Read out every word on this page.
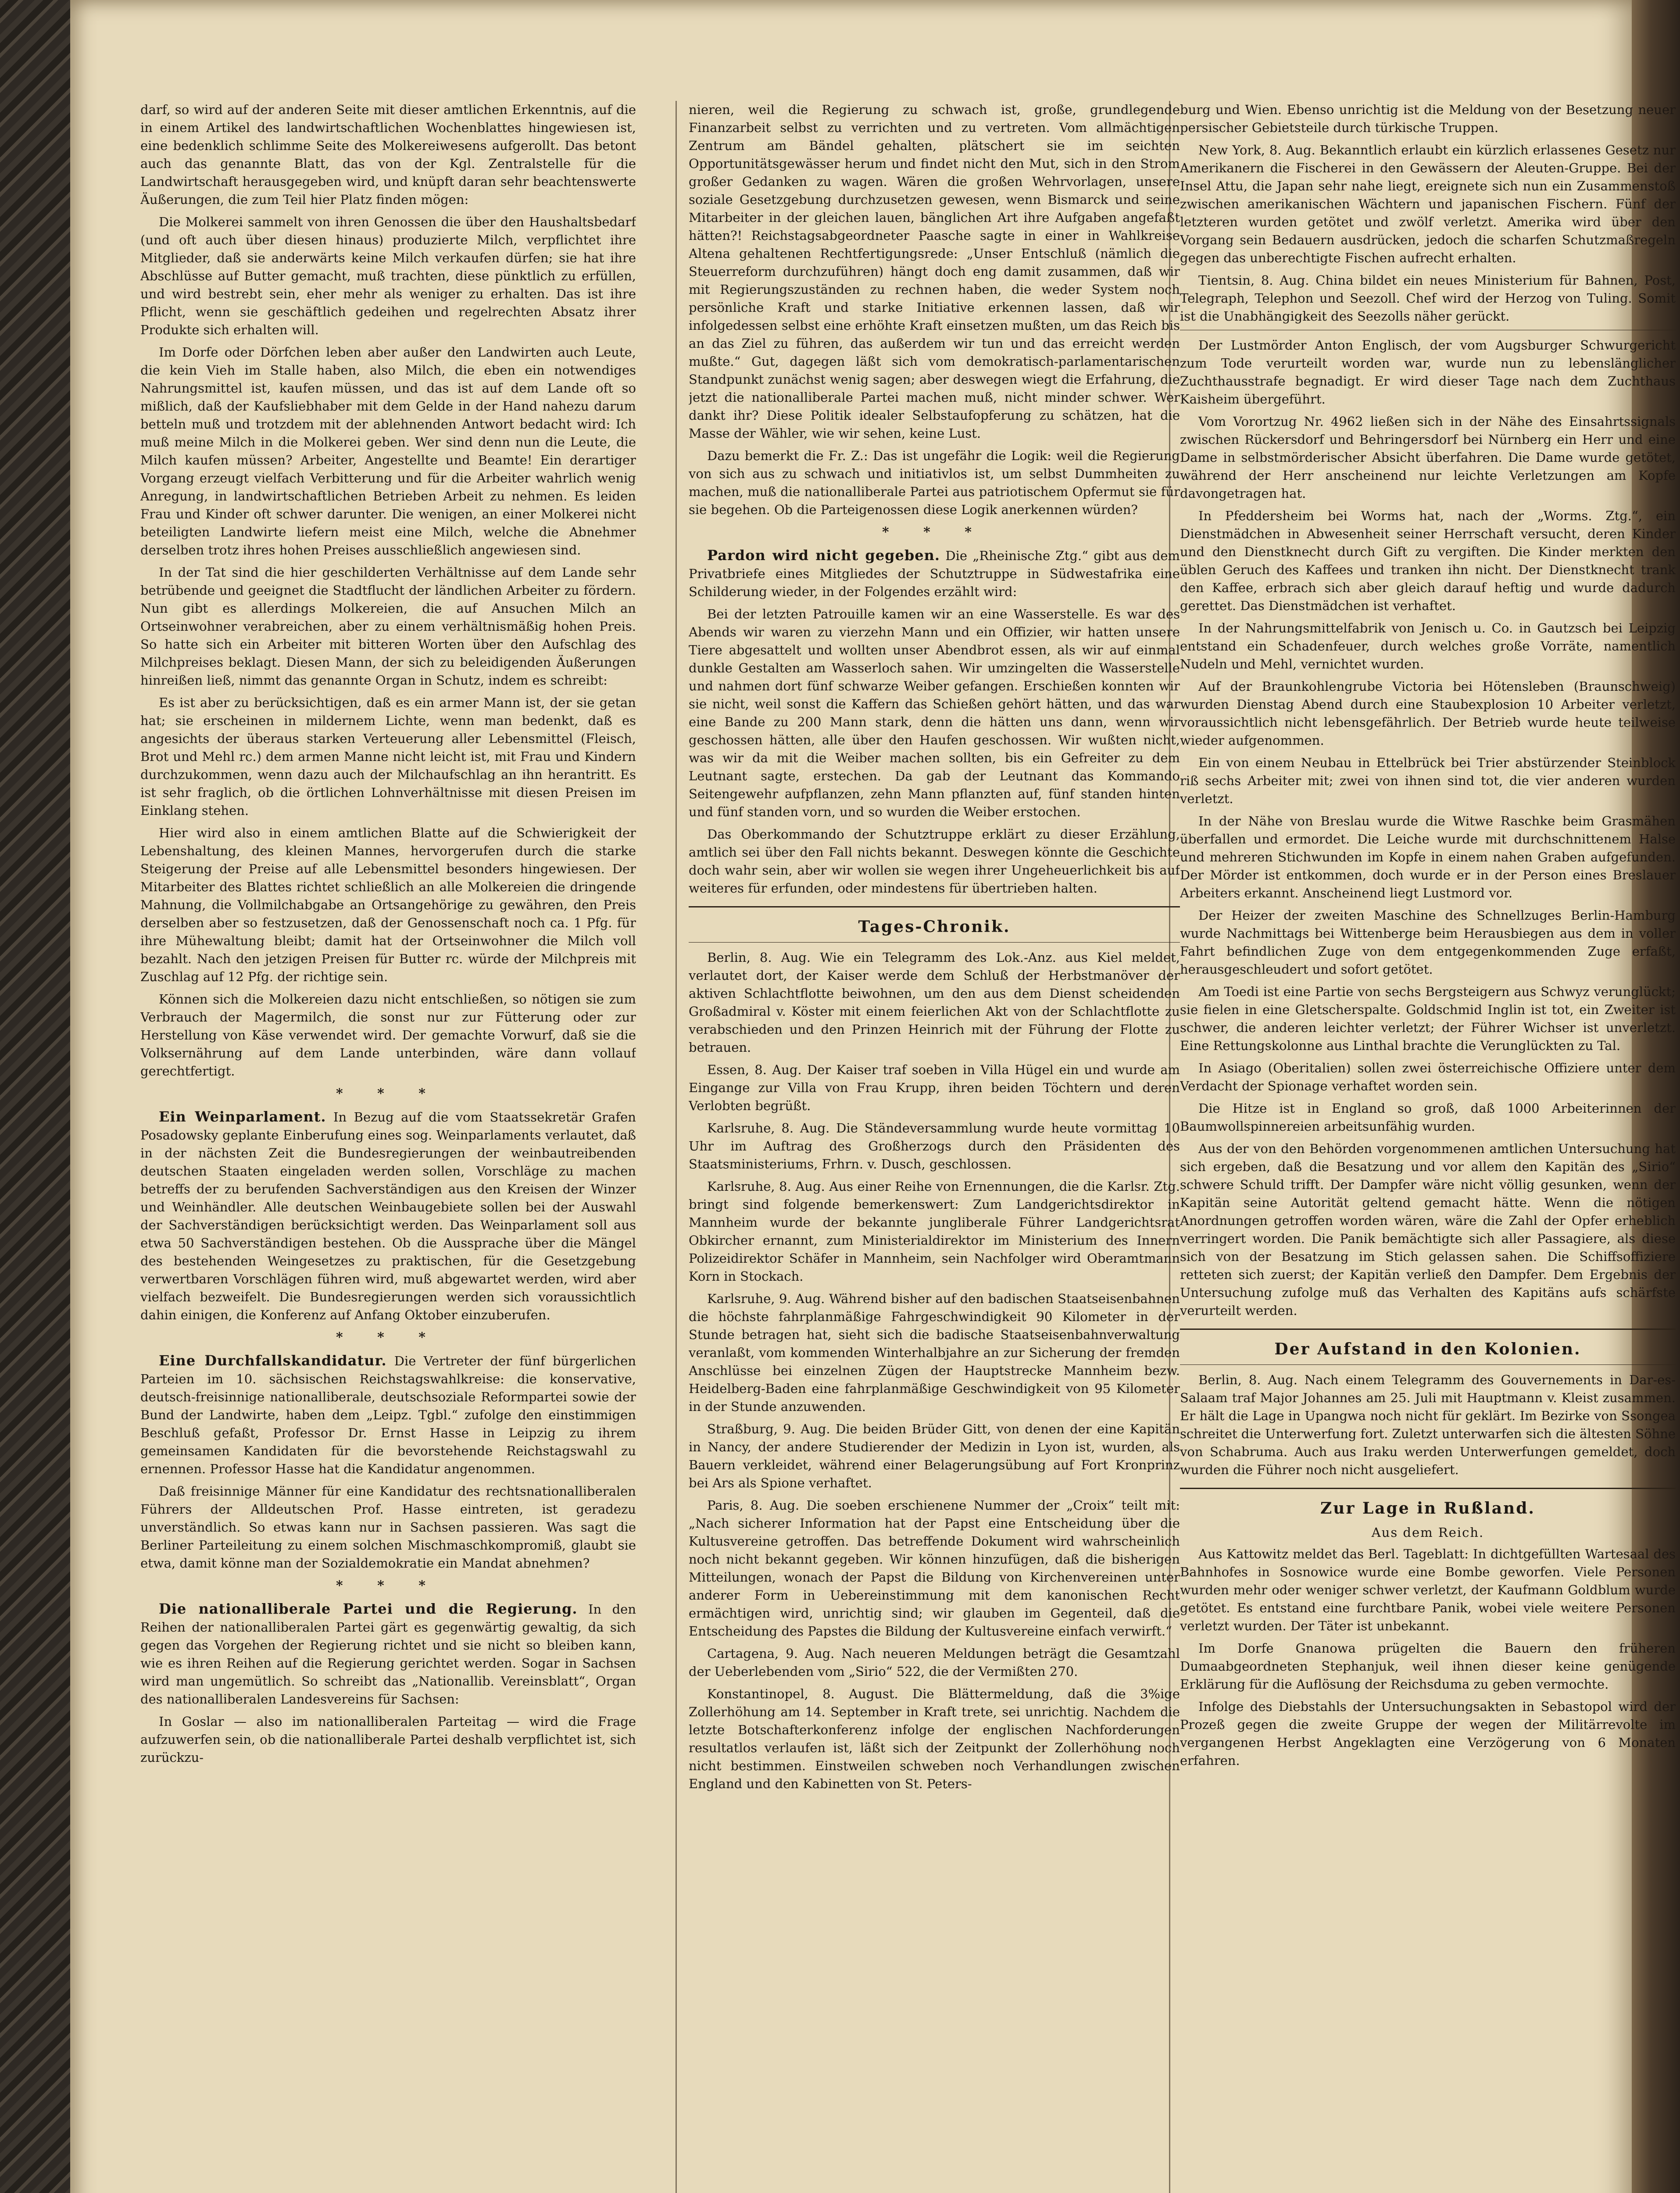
darf, so wird auf der anderen Seite mit dieser amtlichen Erkenntnis, auf die in einem Artikel des landwirtschaftlichen Wochenblattes hingewiesen ist, eine bedenklich schlimme Seite des Molkereiwesens aufgerollt. Das betont auch das genannte Blatt, das von der Kgl. Zentralstelle für die Landwirtschaft herausgegeben wird, und knüpft daran sehr beachtenswerte Äußerungen, die zum Teil hier Platz finden mögen:

Die Molkerei sammelt von ihren Genossen die über den Haushaltsbedarf (und oft auch über diesen hinaus) produzierte Milch, verpflichtet ihre Mitglieder, daß sie anderwärts keine Milch verkaufen dürfen; sie hat ihre Abschlüsse auf Butter gemacht, muß trachten, diese pünktlich zu erfüllen, und wird bestrebt sein, eher mehr als weniger zu erhalten. Das ist ihre Pflicht, wenn sie geschäftlich gedeihen und regelrechten Absatz ihrer Produkte sich erhalten will.

Im Dorfe oder Dörfchen leben aber außer den Landwirten auch Leute, die kein Vieh im Stalle haben, also Milch, die eben ein notwendiges Nahrungsmittel ist, kaufen müssen, und das ist auf dem Lande oft so mißlich, daß der Kaufsliebhaber mit dem Gelde in der Hand nahezu darum betteln muß und trotzdem mit der ablehnenden Antwort bedacht wird: Ich muß meine Milch in die Molkerei geben. Wer sind denn nun die Leute, die Milch kaufen müssen? Arbeiter, Angestellte und Beamte! Ein derartiger Vorgang erzeugt vielfach Verbitterung und für die Arbeiter wahrlich wenig Anregung, in landwirtschaftlichen Betrieben Arbeit zu nehmen. Es leiden Frau und Kinder oft schwer darunter. Die wenigen, an einer Molkerei nicht beteiligten Landwirte liefern meist eine Milch, welche die Abnehmer derselben trotz ihres hohen Preises ausschließlich angewiesen sind.

In der Tat sind die hier geschilderten Verhältnisse auf dem Lande sehr betrübende und geeignet die Stadtflucht der ländlichen Arbeiter zu fördern. Nun gibt es allerdings Molkereien, die auf Ansuchen Milch an Ortseinwohner verabreichen, aber zu einem verhältnismäßig hohen Preis. So hatte sich ein Arbeiter mit bitteren Worten über den Aufschlag des Milchpreises beklagt. Diesen Mann, der sich zu beleidigenden Äußerungen hinreißen ließ, nimmt das genannte Organ in Schutz, indem es schreibt:

Es ist aber zu berücksichtigen, daß es ein armer Mann ist, der sie getan hat; sie erscheinen in mildernem Lichte, wenn man bedenkt, daß es angesichts der überaus starken Verteuerung aller Lebensmittel (Fleisch, Brot und Mehl rc.) dem armen Manne nicht leicht ist, mit Frau und Kindern durchzukommen, wenn dazu auch der Milchaufschlag an ihn herantritt. Es ist sehr fraglich, ob die örtlichen Lohnverhältnisse mit diesen Preisen im Einklang stehen.

Hier wird also in einem amtlichen Blatte auf die Schwierigkeit der Lebenshaltung, des kleinen Mannes, hervorgerufen durch die starke Steigerung der Preise auf alle Lebensmittel besonders hingewiesen. Der Mitarbeiter des Blattes richtet schließlich an alle Molkereien die dringende Mahnung, die Vollmilchabgabe an Ortsangehörige zu gewähren, den Preis derselben aber so festzusetzen, daß der Genossenschaft noch ca. 1 Pfg. für ihre Mühewaltung bleibt; damit hat der Ortseinwohner die Milch voll bezahlt. Nach den jetzigen Preisen für Butter rc. würde der Milchpreis mit Zuschlag auf 12 Pfg. der richtige sein.

Können sich die Molkereien dazu nicht entschließen, so nötigen sie zum Verbrauch der Magermilch, die sonst nur zur Fütterung oder zur Herstellung von Käse verwendet wird. Der gemachte Vorwurf, daß sie die Volksernährung auf dem Lande unterbinden, wäre dann vollauf gerechtfertigt.

* * *

Ein Weinparlament. In Bezug auf die vom Staatssekretär Grafen Posadowsky geplante Einberufung eines sog. Weinparlaments verlautet, daß in der nächsten Zeit die Bundesregierungen der weinbautreibenden deutschen Staaten eingeladen werden sollen, Vorschläge zu machen betreffs der zu berufenden Sachverständigen aus den Kreisen der Winzer und Weinhändler. Alle deutschen Weinbaugebiete sollen bei der Auswahl der Sachverständigen berücksichtigt werden. Das Weinparlament soll aus etwa 50 Sachverständigen bestehen. Ob die Aussprache über die Mängel des bestehenden Weingesetzes zu praktischen, für die Gesetzgebung verwertbaren Vorschlägen führen wird, muß abgewartet werden, wird aber vielfach bezweifelt. Die Bundesregierungen werden sich voraussichtlich dahin einigen, die Konferenz auf Anfang Oktober einzuberufen.

* * *

Eine Durchfallskandidatur. Die Vertreter der fünf bürgerlichen Parteien im 10. sächsischen Reichstagswahlkreise: die konservative, deutsch-freisinnige nationalliberale, deutschsoziale Reformpartei sowie der Bund der Landwirte, haben dem „Leipz. Tgbl.“ zufolge den einstimmigen Beschluß gefaßt, Professor Dr. Ernst Hasse in Leipzig zu ihrem gemeinsamen Kandidaten für die bevorstehende Reichstagswahl zu ernennen. Professor Hasse hat die Kandidatur angenommen.

Daß freisinnige Männer für eine Kandidatur des rechtsnationalliberalen Führers der Alldeutschen Prof. Hasse eintreten, ist geradezu unverständlich. So etwas kann nur in Sachsen passieren. Was sagt die Berliner Parteileitung zu einem solchen Mischmaschkompromiß, glaubt sie etwa, damit könne man der Sozialdemokratie ein Mandat abnehmen?

* * *

Die nationalliberale Partei und die Regierung. In den Reihen der nationalliberalen Partei gärt es gegenwärtig gewaltig, da sich gegen das Vorgehen der Regierung richtet und sie nicht so bleiben kann, wie es ihren Reihen auf die Regierung gerichtet werden. Sogar in Sachsen wird man ungemütlich. So schreibt das „Nationallib. Vereinsblatt“, Organ des nationalliberalen Landesvereins für Sachsen:

In Goslar — also im nationalliberalen Parteitag — wird die Frage aufzuwerfen sein, ob die nationalliberale Partei deshalb verpflichtet ist, sich zurückzu-

nieren, weil die Regierung zu schwach ist, große, grundlegende Finanzarbeit selbst zu verrichten und zu vertreten. Vom allmächtigen Zentrum am Bändel gehalten, plätschert sie im seichten Opportunitätsgewässer herum und findet nicht den Mut, sich in den Strom großer Gedanken zu wagen. Wären die großen Wehrvorlagen, unsere soziale Gesetzgebung durchzusetzen gewesen, wenn Bismarck und seine Mitarbeiter in der gleichen lauen, bänglichen Art ihre Aufgaben angefaßt hätten?! Reichstagsabgeordneter Paasche sagte in einer in Wahlkreise Altena gehaltenen Rechtfertigungsrede: „Unser Entschluß (nämlich die Steuerreform durchzuführen) hängt doch eng damit zusammen, daß wir mit Regierungszuständen zu rechnen haben, die weder System noch persönliche Kraft und starke Initiative erkennen lassen, daß wir infolgedessen selbst eine erhöhte Kraft einsetzen mußten, um das Reich bis an das Ziel zu führen, das außerdem wir tun und das erreicht werden mußte.“ Gut, dagegen läßt sich vom demokratisch-parlamentarischen Standpunkt zunächst wenig sagen; aber deswegen wiegt die Erfahrung, die jetzt die nationalliberale Partei machen muß, nicht minder schwer. Wer dankt ihr? Diese Politik idealer Selbstaufopferung zu schätzen, hat die Masse der Wähler, wie wir sehen, keine Lust.

Dazu bemerkt die Fr. Z.: Das ist ungefähr die Logik: weil die Regierung von sich aus zu schwach und initiativlos ist, um selbst Dummheiten zu machen, muß die nationalliberale Partei aus patriotischem Opfermut sie für sie begehen. Ob die Parteigenossen diese Logik anerkennen würden?

* * *

Pardon wird nicht gegeben. Die „Rheinische Ztg.“ gibt aus dem Privatbriefe eines Mitgliedes der Schutztruppe in Südwestafrika eine Schilderung wieder, in der Folgendes erzählt wird:

Bei der letzten Patrouille kamen wir an eine Wasserstelle. Es war des Abends wir waren zu vierzehn Mann und ein Offizier, wir hatten unsere Tiere abgesattelt und wollten unser Abendbrot essen, als wir auf einmal dunkle Gestalten am Wasserloch sahen. Wir umzingelten die Wasserstelle und nahmen dort fünf schwarze Weiber gefangen. Erschießen konnten wir sie nicht, weil sonst die Kaffern das Schießen gehört hätten, und das war eine Bande zu 200 Mann stark, denn die hätten uns dann, wenn wir geschossen hätten, alle über den Haufen geschossen. Wir wußten nicht, was wir da mit die Weiber machen sollten, bis ein Gefreiter zu dem Leutnant sagte, erstechen. Da gab der Leutnant das Kommando Seitengewehr aufpflanzen, zehn Mann pflanzten auf, fünf standen hinten und fünf standen vorn, und so wurden die Weiber erstochen.

Das Oberkommando der Schutztruppe erklärt zu dieser Erzählung, amtlich sei über den Fall nichts bekannt. Deswegen könnte die Geschichte doch wahr sein, aber wir wollen sie wegen ihrer Ungeheuerlichkeit bis auf weiteres für erfunden, oder mindestens für übertrieben halten.

Tages-Chronik.

Berlin, 8. Aug. Wie ein Telegramm des Lok.-Anz. aus Kiel meldet, verlautet dort, der Kaiser werde dem Schluß der Herbstmanöver der aktiven Schlachtflotte beiwohnen, um den aus dem Dienst scheidenden Großadmiral v. Köster mit einem feierlichen Akt von der Schlachtflotte zu verabschieden und den Prinzen Heinrich mit der Führung der Flotte zu betrauen.

Essen, 8. Aug. Der Kaiser traf soeben in Villa Hügel ein und wurde am Eingange zur Villa von Frau Krupp, ihren beiden Töchtern und deren Verlobten begrüßt.

Karlsruhe, 8. Aug. Die Ständeversammlung wurde heute vormittag 10 Uhr im Auftrag des Großherzogs durch den Präsidenten des Staatsministeriums, Frhrn. v. Dusch, geschlossen.

Karlsruhe, 8. Aug. Aus einer Reihe von Ernennungen, die die Karlsr. Ztg. bringt sind folgende bemerkenswert: Zum Landgerichtsdirektor in Mannheim wurde der bekannte jungliberale Führer Landgerichtsrat Obkircher ernannt, zum Ministerialdirektor im Ministerium des Innern Polizeidirektor Schäfer in Mannheim, sein Nachfolger wird Oberamtmann Korn in Stockach.

Karlsruhe, 9. Aug. Während bisher auf den badischen Staatseisenbahnen die höchste fahrplanmäßige Fahrgeschwindigkeit 90 Kilometer in der Stunde betragen hat, sieht sich die badische Staatseisenbahnverwaltung veranlaßt, vom kommenden Winterhalbjahre an zur Sicherung der fremden Anschlüsse bei einzelnen Zügen der Hauptstrecke Mannheim bezw. Heidelberg-Baden eine fahrplanmäßige Geschwindigkeit von 95 Kilometer in der Stunde anzuwenden.

Straßburg, 9. Aug. Die beiden Brüder Gitt, von denen der eine Kapitän in Nancy, der andere Studierender der Medizin in Lyon ist, wurden, als Bauern verkleidet, während einer Belagerungsübung auf Fort Kronprinz bei Ars als Spione verhaftet.

Paris, 8. Aug. Die soeben erschienene Nummer der „Croix“ teilt mit: „Nach sicherer Information hat der Papst eine Entscheidung über die Kultusvereine getroffen. Das betreffende Dokument wird wahrscheinlich noch nicht bekannt gegeben. Wir können hinzufügen, daß die bisherigen Mitteilungen, wonach der Papst die Bildung von Kirchenvereinen unter anderer Form in Uebereinstimmung mit dem kanonischen Recht ermächtigen wird, unrichtig sind; wir glauben im Gegenteil, daß die Entscheidung des Papstes die Bildung der Kultusvereine einfach verwirft.“

Cartagena, 9. Aug. Nach neueren Meldungen beträgt die Gesamtzahl der Ueberlebenden vom „Sirio“ 522, die der Vermißten 270.

Konstantinopel, 8. August. Die Blättermeldung, daß die 3%ige Zollerhöhung am 14. September in Kraft trete, sei unrichtig. Nachdem die letzte Botschafterkonferenz infolge der englischen Nachforderungen resultatlos verlaufen ist, läßt sich der Zeitpunkt der Zollerhöhung noch nicht bestimmen. Einstweilen schweben noch Verhandlungen zwischen England und den Kabinetten von St. Peters-

burg und Wien. Ebenso unrichtig ist die Meldung von der Besetzung neuer persischer Gebietsteile durch türkische Truppen.

New York, 8. Aug. Bekanntlich erlaubt ein kürzlich erlassenes Gesetz nur Amerikanern die Fischerei in den Gewässern der Aleuten-Gruppe. Bei der Insel Attu, die Japan sehr nahe liegt, ereignete sich nun ein Zusammenstoß zwischen amerikanischen Wächtern und japanischen Fischern. Fünf der letzteren wurden getötet und zwölf verletzt. Amerika wird über den Vorgang sein Bedauern ausdrücken, jedoch die scharfen Schutzmaßregeln gegen das unberechtigte Fischen aufrecht erhalten.

Tientsin, 8. Aug. China bildet ein neues Ministerium für Bahnen, Post, Telegraph, Telephon und Seezoll. Chef wird der Herzog von Tuling. Somit ist die Unabhängigkeit des Seezolls näher gerückt.

Der Lustmörder Anton Englisch, der vom Augsburger Schwurgericht zum Tode verurteilt worden war, wurde nun zu lebenslänglicher Zuchthausstrafe begnadigt. Er wird dieser Tage nach dem Zuchthaus Kaisheim übergeführt.

Vom Vorortzug Nr. 4962 ließen sich in der Nähe des Einsahrtssignals zwischen Rückersdorf und Behringersdorf bei Nürnberg ein Herr und eine Dame in selbstmörderischer Absicht überfahren. Die Dame wurde getötet, während der Herr anscheinend nur leichte Verletzungen am Kopfe davongetragen hat.

In Pfeddersheim bei Worms hat, nach der „Worms. Ztg.“, ein Dienstmädchen in Abwesenheit seiner Herrschaft versucht, deren Kinder und den Dienstknecht durch Gift zu vergiften. Die Kinder merkten den üblen Geruch des Kaffees und tranken ihn nicht. Der Dienstknecht trank den Kaffee, erbrach sich aber gleich darauf heftig und wurde dadurch gerettet. Das Dienstmädchen ist verhaftet.

In der Nahrungsmittelfabrik von Jenisch u. Co. in Gautzsch bei Leipzig entstand ein Schadenfeuer, durch welches große Vorräte, namentlich Nudeln und Mehl, vernichtet wurden.

Auf der Braunkohlengrube Victoria bei Hötensleben (Braunschweig) wurden Dienstag Abend durch eine Staubexplosion 10 Arbeiter verletzt, voraussichtlich nicht lebensgefährlich. Der Betrieb wurde heute teilweise wieder aufgenommen.

Ein von einem Neubau in Ettelbrück bei Trier abstürzender Steinblock riß sechs Arbeiter mit; zwei von ihnen sind tot, die vier anderen wurden verletzt.

In der Nähe von Breslau wurde die Witwe Raschke beim Grasmähen überfallen und ermordet. Die Leiche wurde mit durchschnittenem Halse und mehreren Stichwunden im Kopfe in einem nahen Graben aufgefunden. Der Mörder ist entkommen, doch wurde er in der Person eines Breslauer Arbeiters erkannt. Anscheinend liegt Lustmord vor.

Der Heizer der zweiten Maschine des Schnellzuges Berlin-Hamburg wurde Nachmittags bei Wittenberge beim Herausbiegen aus dem in voller Fahrt befindlichen Zuge von dem entgegenkommenden Zuge erfaßt, herausgeschleudert und sofort getötet.

Am Toedi ist eine Partie von sechs Bergsteigern aus Schwyz verunglückt; sie fielen in eine Gletscherspalte. Goldschmid Inglin ist tot, ein Zweiter ist schwer, die anderen leichter verletzt; der Führer Wichser ist unverletzt. Eine Rettungskolonne aus Linthal brachte die Verunglückten zu Tal.

In Asiago (Oberitalien) sollen zwei österreichische Offiziere unter dem Verdacht der Spionage verhaftet worden sein.

Die Hitze ist in England so groß, daß 1000 Arbeiterinnen der Baumwollspinnereien arbeitsunfähig wurden.

Aus der von den Behörden vorgenommenen amtlichen Untersuchung hat sich ergeben, daß die Besatzung und vor allem den Kapitän des „Sirio“ schwere Schuld trifft. Der Dampfer wäre nicht völlig gesunken, wenn der Kapitän seine Autorität geltend gemacht hätte. Wenn die nötigen Anordnungen getroffen worden wären, wäre die Zahl der Opfer erheblich verringert worden. Die Panik bemächtigte sich aller Passagiere, als diese sich von der Besatzung im Stich gelassen sahen. Die Schiffsoffiziere retteten sich zuerst; der Kapitän verließ den Dampfer. Dem Ergebnis der Untersuchung zufolge muß das Verhalten des Kapitäns aufs schärfste verurteilt werden.

Der Aufstand in den Kolonien.

Berlin, 8. Aug. Nach einem Telegramm des Gouvernements in Dar-es-Salaam traf Major Johannes am 25. Juli mit Hauptmann v. Kleist zusammen. Er hält die Lage in Upangwa noch nicht für geklärt. Im Bezirke von Ssongea schreitet die Unterwerfung fort. Zuletzt unterwarfen sich die ältesten Söhne von Schabruma. Auch aus Iraku werden Unterwerfungen gemeldet, doch wurden die Führer noch nicht ausgeliefert.

Zur Lage in Rußland.
Aus dem Reich.

Aus Kattowitz meldet das Berl. Tageblatt: In dichtgefüllten Wartesaal des Bahnhofes in Sosnowice wurde eine Bombe geworfen. Viele Personen wurden mehr oder weniger schwer verletzt, der Kaufmann Goldblum wurde getötet. Es entstand eine furchtbare Panik, wobei viele weitere Personen verletzt wurden. Der Täter ist unbekannt.

Im Dorfe Gnanowa prügelten die Bauern den früheren Dumaabgeordneten Stephanjuk, weil ihnen dieser keine genügende Erklärung für die Auflösung der Reichsduma zu geben vermochte.

Infolge des Diebstahls der Untersuchungsakten in Sebastopol wird der Prozeß gegen die zweite Gruppe der wegen der Militärrevolte im vergangenen Herbst Angeklagten eine Verzögerung von 6 Monaten erfahren.
